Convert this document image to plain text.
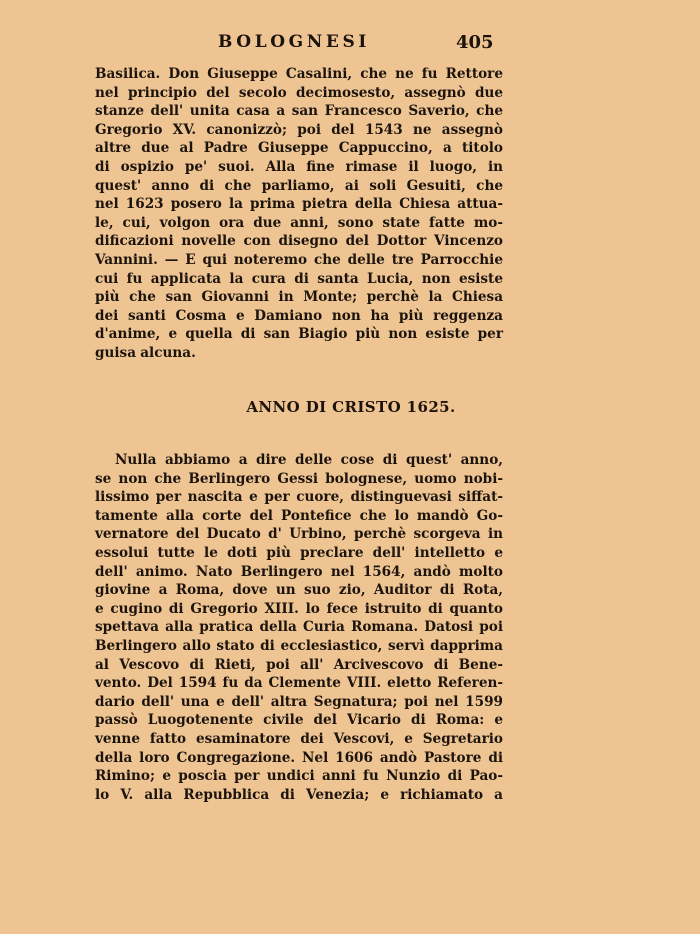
BOLOGNESI	405
Basilica. Don Giuseppe Casalini, che ne fu Rettore
nel principio del secolo decimosesto, assegnò due
stanze dell' unita casa a san Francesco Saverio, che
Gregorio XV. canonizzò; poi del 1543 ne assegnò
altre due al Padre Giuseppe Cappuccino, a titolo
di ospizio pe' suoi. Alla fine rimase il luogo, in
quest' anno di che parliamo, ai soli Gesuiti, che
nel 1623 posero la prima pietra della Chiesa attua-
le, cui, volgon ora due anni, sono state fatte mo-
dificazioni novelle con disegno del Dottor Vincenzo
Vannini. — E qui noteremo che delle tre Parrocchie
cui fu applicata la cura di santa Lucia, non esiste
più che san Giovanni in Monte; perchè la Chiesa
dei santi Cosma e Damiano non ha più reggenza
d'anime, e quella di san Biagio più non esiste per
guisa alcuna.
ANNO DI CRISTO 1625.
Nulla abbiamo a dire delle cose di quest' anno,
se non che Berlingero Gessi bolognese, uomo nobi-
lissimo per nascita e per cuore, distinguevasi siffat-
tamente alla corte del Pontefice che lo mandò Go-
vernatore del Ducato d' Urbino, perchè scorgeva in
essolui tutte le doti più preclare dell' intelletto e
dell' animo. Nato Berlingero nel 1564, andò molto
giovine a Roma, dove un suo zio, Auditor di Rota,
e cugino di Gregorio XIII. lo fece istruito di quanto
spettava alla pratica della Curia Romana. Datosi poi
Berlingero allo stato di ecclesiastico, servì dapprima
al Vescovo di Rieti, poi all' Arcivescovo di Bene-
vento. Del 1594 fu da Clemente VIII. eletto Referen-
dario dell' una e dell' altra Segnatura; poi nel 1599
passò Luogotenente civile del Vicario di Roma: e
venne fatto esaminatore dei Vescovi, e Segretario
della loro Congregazione. Nel 1606 andò Pastore di
Rimino; e poscia per undici anni fu Nunzio di Pao-
lo V. alla Repubblica di Venezia; e richiamato a
